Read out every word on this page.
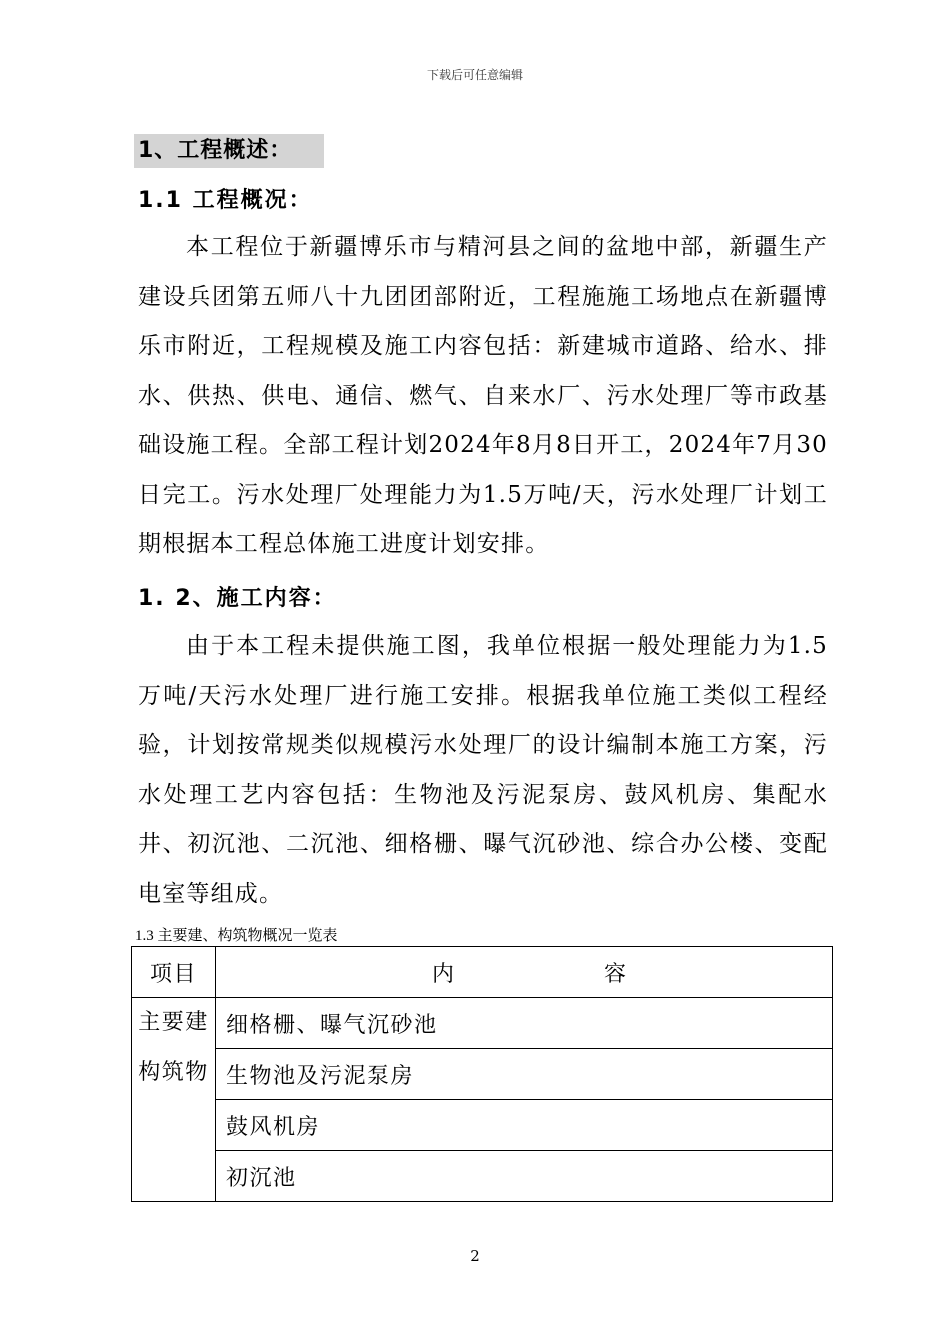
下载后可任意编辑
1、工程概述：
1.1 工程概况：

本工程位于新疆博乐市与精河县之间的盆地中部，新疆生产建设兵团第五师八十九团团部附近，工程施施工场地点在新疆博乐市附近，工程规模及施工内容包括：新建城市道路、给水、排水、供热、供电、通信、燃气、自来水厂、污水处理厂等市政基础设施工程。全部工程计划2024年8月8日开工，2024年7月30日完工。污水处理厂处理能力为1.5万吨/天，污水处理厂计划工期根据本工程总体施工进度计划安排。

1. 2、施工内容：

由于本工程未提供施工图，我单位根据一般处理能力为1.5万吨/天污水处理厂进行施工安排。根据我单位施工类似工程经验，计划按常规类似规模污水处理厂的设计编制本施工方案，污水处理工艺内容包括：生物池及污泥泵房、鼓风机房、集配水井、初沉池、二沉池、细格栅、曝气沉砂池、综合办公楼、变配电室等组成。

1.3 主要建、构筑物概况一览表
项目	内容

主要建
构筑物	细格栅、曝气沉砂池
	生物池及污泥泵房
	鼓风机房
	初沉池
2
